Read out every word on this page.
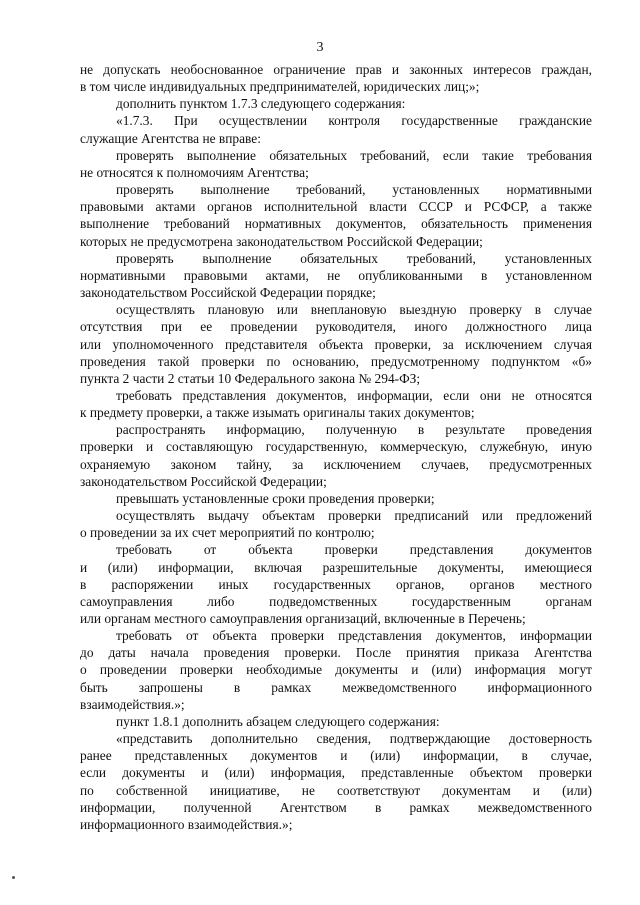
3
не допускать необоснованное ограничение прав и законных интересов граждан,
в том числе индивидуальных предпринимателей, юридических лиц;»;
дополнить пунктом 1.7.3 следующего содержания:
«1.7.3. При осуществлении контроля государственные гражданские
служащие Агентства не вправе:
проверять выполнение обязательных требований, если такие требования
не относятся к полномочиям Агентства;
проверять выполнение требований, установленных нормативными
правовыми актами органов исполнительной власти СССР и РСФСР, а также
выполнение требований нормативных документов, обязательность применения
которых не предусмотрена законодательством Российской Федерации;
проверять выполнение обязательных требований, установленных
нормативными правовыми актами, не опубликованными в установленном
законодательством Российской Федерации порядке;
осуществлять плановую или внеплановую выездную проверку в случае
отсутствия при ее проведении руководителя, иного должностного лица
или уполномоченного представителя объекта проверки, за исключением случая
проведения такой проверки по основанию, предусмотренному подпунктом «б»
пункта 2 части 2 статьи 10 Федерального закона № 294-ФЗ;
требовать представления документов, информации, если они не относятся
к предмету проверки, а также изымать оригиналы таких документов;
распространять информацию, полученную в результате проведения
проверки и составляющую государственную, коммерческую, служебную, иную
охраняемую законом тайну, за исключением случаев, предусмотренных
законодательством Российской Федерации;
превышать установленные сроки проведения проверки;
осуществлять выдачу объектам проверки предписаний или предложений
о проведении за их счет мероприятий по контролю;
требовать от объекта проверки представления документов
и (или) информации, включая разрешительные документы, имеющиеся
в распоряжении иных государственных органов, органов местного
самоуправления либо подведомственных государственным органам
или органам местного самоуправления организаций, включенные в Перечень;
требовать от объекта проверки представления документов, информации
до даты начала проведения проверки. После принятия приказа Агентства
о проведении проверки необходимые документы и (или) информация могут
быть запрошены в рамках межведомственного информационного
взаимодействия.»;
пункт 1.8.1 дополнить абзацем следующего содержания:
«представить дополнительно сведения, подтверждающие достоверность
ранее представленных документов и (или) информации, в случае,
если документы и (или) информация, представленные объектом проверки
по собственной инициативе, не соответствуют документам и (или)
информации, полученной Агентством в рамках межведомственного
информационного взаимодействия.»;
